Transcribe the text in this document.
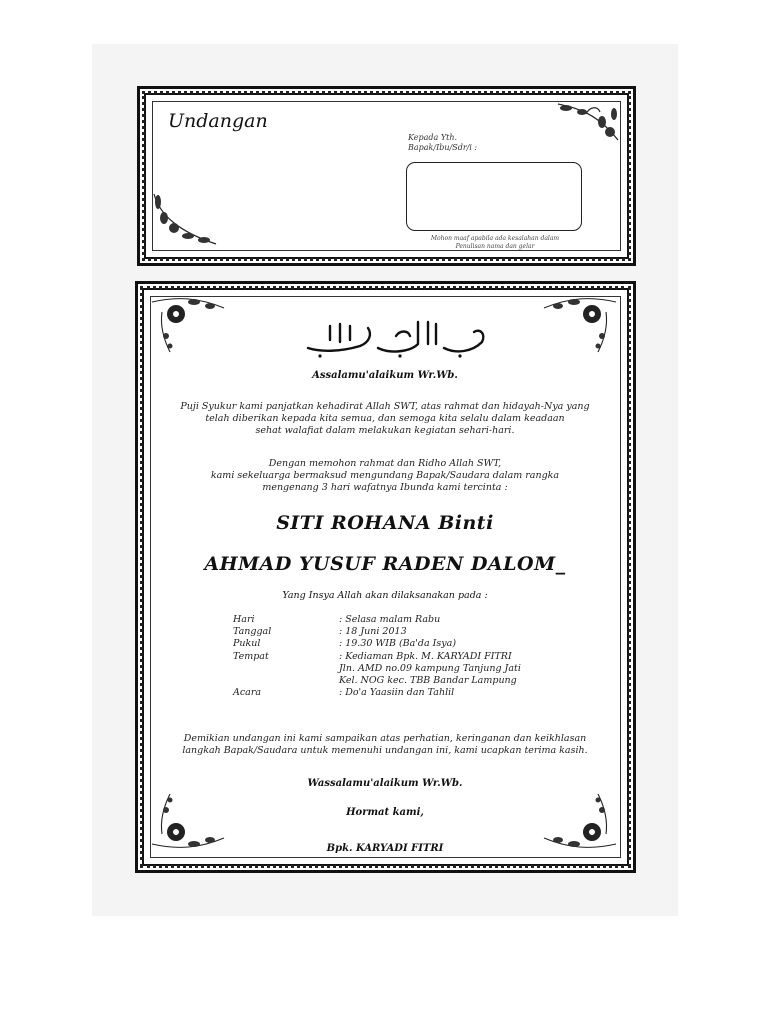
Undangan
Kepada Yth.
Bapak/Ibu/Sdr/i :
Mohon maaf apabila ada kesalahan dalam
Penulisan nama dan gelar
Assalamu'alaikum Wr.Wb.
Puji Syukur kami panjatkan kehadirat Allah SWT, atas rahmat dan hidayah-Nya yang
telah diberikan kepada kita semua, dan semoga kita selalu dalam keadaan
sehat walafiat dalam melakukan kegiatan sehari-hari.
Dengan memohon rahmat dan Ridho Allah SWT,
kami sekeluarga bermaksud mengundang Bapak/Saudara dalam rangka
mengenang 3 hari wafatnya Ibunda kami tercinta :
SITI ROHANA Binti
AHMAD YUSUF RADEN DALOM_
Yang Insya Allah akan dilaksanakan pada :
Hari	: Selasa malam Rabu
Tanggal	: 18 Juni 2013
Pukul	: 19.30 WIB (Ba'da Isya)
Tempat	: Kediaman Bpk. M. KARYADI FITRI
Jln. AMD no.09 kampung Tanjung Jati
Kel. NOG kec. TBB Bandar Lampung
Acara	: Do'a Yaasiin dan Tahlil
Demikian undangan ini kami sampaikan atas perhatian, keringanan dan keikhlasan
langkah Bapak/Saudara untuk memenuhi undangan ini, kami ucapkan terima kasih.
Wassalamu'alaikum Wr.Wb.
Hormat kami,
Bpk. KARYADI FITRI
